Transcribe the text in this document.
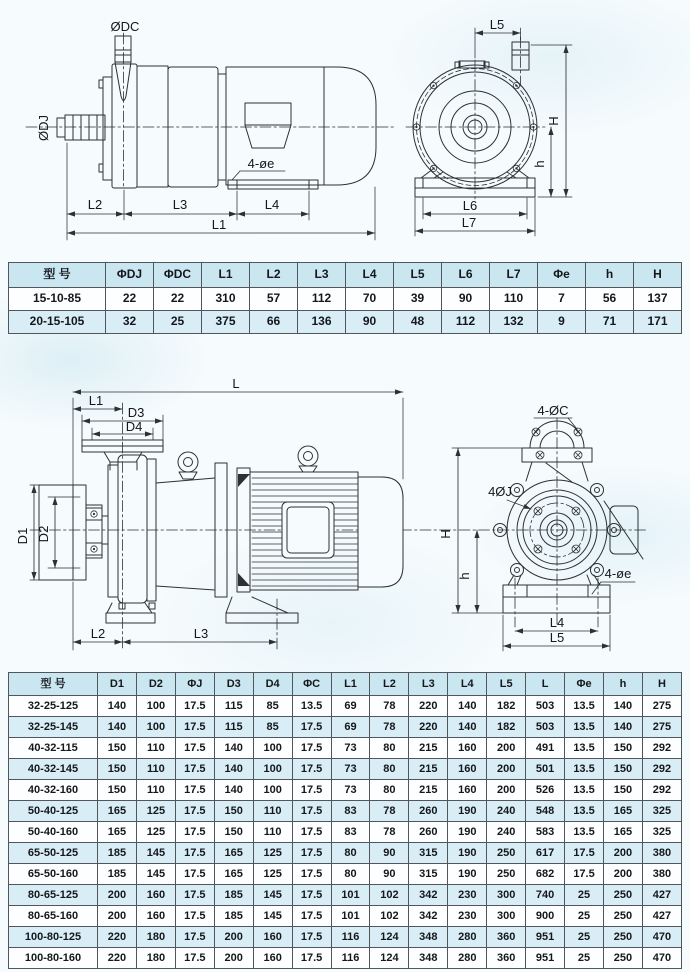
ØDJ
ØDC
4-øe
L2	L3	L4
L1
L5
H
h
L6
L7
型 号	ΦDJ	ΦDC	L1	L2	L3	L4	L5	L6	L7	Φe	h	H
15-10-85	22	22	310	57	112	70	39	90	110	7	56	137
20-15-105	32	25	375	66	136	90	48	112	132	9	71	171
L
L1
D3
D4
D1 D2
L2	L3
4-ØC
4ØJ
4-øe
L4
L5
H
h
型 号	D1	D2	ΦJ	D3	D4	ΦC	L1	L2	L3	L4	L5	L	Φe	h	H
32-25-125	140	100	17.5	115	85	13.5	69	78	220	140	182	503	13.5	140	275
32-25-145	140	100	17.5	115	85	17.5	69	78	220	140	182	503	13.5	140	275
40-32-115	150	110	17.5	140	100	17.5	73	80	215	160	200	491	13.5	150	292
40-32-145	150	110	17.5	140	100	17.5	73	80	215	160	200	501	13.5	150	292
40-32-160	150	110	17.5	140	100	17.5	73	80	215	160	200	526	13.5	150	292
50-40-125	165	125	17.5	150	110	17.5	83	78	260	190	240	548	13.5	165	325
50-40-160	165	125	17.5	150	110	17.5	83	78	260	190	240	583	13.5	165	325
65-50-125	185	145	17.5	165	125	17.5	80	90	315	190	250	617	17.5	200	380
65-50-160	185	145	17.5	165	125	17.5	80	90	315	190	250	682	17.5	200	380
80-65-125	200	160	17.5	185	145	17.5	101	102	342	230	300	740	25	250	427
80-65-160	200	160	17.5	185	145	17.5	101	102	342	230	300	900	25	250	427
100-80-125	220	180	17.5	200	160	17.5	116	124	348	280	360	951	25	250	470
100-80-160	220	180	17.5	200	160	17.5	116	124	348	280	360	951	25	250	470
